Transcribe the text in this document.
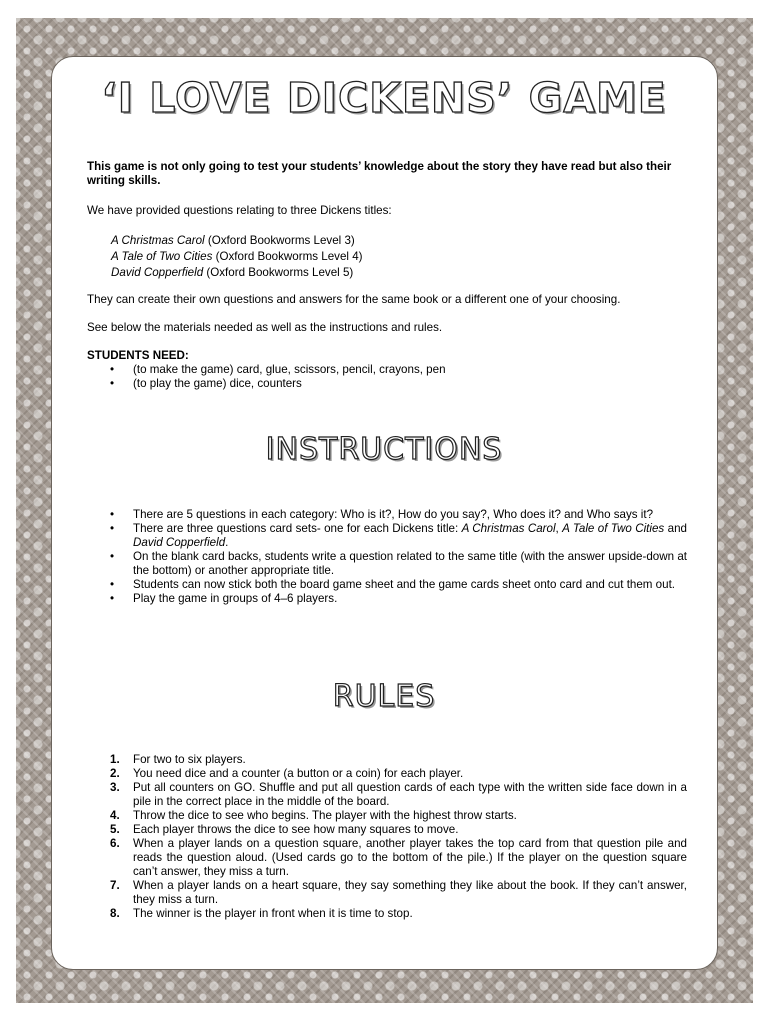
‘I LOVE DICKENS’ GAME
This game is not only going to test your students’ knowledge about the story they have read but also their writing skills.
We have provided questions relating to three Dickens titles:
A Christmas Carol (Oxford Bookworms Level 3)
A Tale of Two Cities (Oxford Bookworms Level 4)
David Copperfield (Oxford Bookworms Level 5)
They can create their own questions and answers for the same book or a different one of your choosing.
See below the materials needed as well as the instructions and rules.
STUDENTS NEED:
• (to make the game) card, glue, scissors, pencil, crayons, pen
• (to play the game) dice, counters
INSTRUCTIONS
• There are 5 questions in each category: Who is it?, How do you say?, Who does it? and Who says it?
• There are three questions card sets- one for each Dickens title: A Christmas Carol, A Tale of Two Cities and David Copperfield.
• On the blank card backs, students write a question related to the same title (with the answer upside-down at the bottom) or another appropriate title.
• Students can now stick both the board game sheet and the game cards sheet onto card and cut them out.
• Play the game in groups of 4–6 players.
RULES
1. For two to six players.
2. You need dice and a counter (a button or a coin) for each player.
3. Put all counters on GO. Shuffle and put all question cards of each type with the written side face down in a pile in the correct place in the middle of the board.
4. Throw the dice to see who begins. The player with the highest throw starts.
5. Each player throws the dice to see how many squares to move.
6. When a player lands on a question square, another player takes the top card from that question pile and reads the question aloud. (Used cards go to the bottom of the pile.) If the player on the question square can’t answer, they miss a turn.
7. When a player lands on a heart square, they say something they like about the book. If they can’t answer, they miss a turn.
8. The winner is the player in front when it is time to stop.
